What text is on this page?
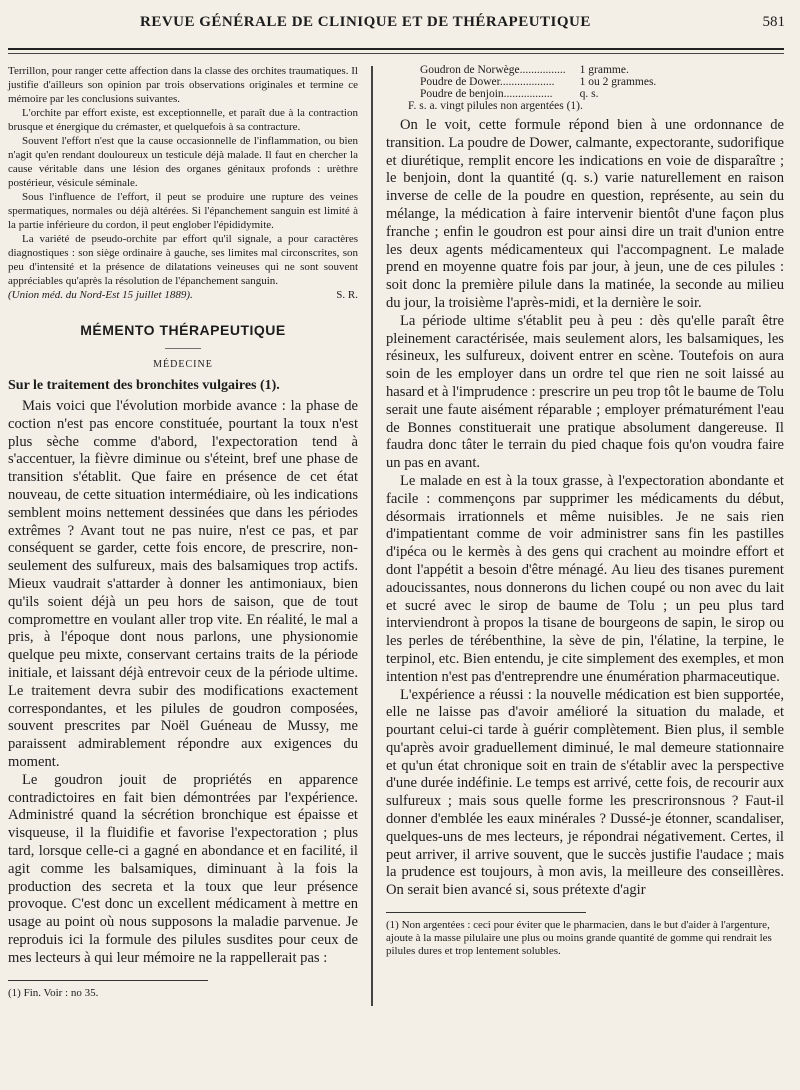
REVUE GÉNÉRALE DE CLINIQUE ET DE THÉRAPEUTIQUE	581

Terrillon, pour ranger cette affection dans la classe des orchites traumatiques. Il justifie d'ailleurs son opinion par trois observations originales et termine ce mémoire par les conclusions suivantes.

L'orchite par effort existe, est exceptionnelle, et paraît due à la contraction brusque et énergique du crémaster, et quelquefois à sa contracture.

Souvent l'effort n'est que la cause occasionnelle de l'inflammation, ou bien n'agit qu'en rendant douloureux un testicule déjà malade. Il faut en chercher la cause véritable dans une lésion des organes génitaux profonds : urèthre postérieur, vésicule séminale.

Sous l'influence de l'effort, il peut se produire une rupture des veines spermatiques, normales ou déjà altérées. Si l'épanchement sanguin est limité à la partie inférieure du cordon, il peut englober l'épididymite.

La variété de pseudo-orchite par effort qu'il signale, a pour caractères diagnostiques : son siège ordinaire à gauche, ses limites mal circonscrites, son peu d'intensité et la présence de dilatations veineuses qui ne sont souvent appréciables qu'après la résolution de l'épanchement sanguin.

(Union méd. du Nord-Est 15 juillet 1889).	S. R.

MÉMENTO THÉRAPEUTIQUE

———

MÉDECINE
Sur le traitement des bronchites vulgaires (1).

Mais voici que l'évolution morbide avance : la phase de coction n'est pas encore constituée, pourtant la toux n'est plus sèche comme d'abord, l'expectoration tend à s'accentuer, la fièvre diminue ou s'éteint, bref une phase de transition s'établit. Que faire en présence de cet état nouveau, de cette situation intermédiaire, où les indications semblent moins nettement dessinées que dans les périodes extrêmes ? Avant tout ne pas nuire, n'est ce pas, et par conséquent se garder, cette fois encore, de prescrire, non-seulement des sulfureux, mais des balsamiques trop actifs. Mieux vaudrait s'attarder à donner les antimoniaux, bien qu'ils soient déjà un peu hors de saison, que de tout compromettre en voulant aller trop vite. En réalité, le mal a pris, à l'époque dont nous parlons, une physionomie quelque peu mixte, conservant certains traits de la période initiale, et laissant déjà entrevoir ceux de la période ultime. Le traitement devra subir des modifications exactement correspondantes, et les pilules de goudron composées, souvent prescrites par Noël Guéneau de Mussy, me paraissent admirablement répondre aux exigences du moment.

Le goudron jouit de propriétés en apparence contradictoires en fait bien démontrées par l'expérience. Administré quand la sécrétion bronchique est épaisse et visqueuse, il la fluidifie et favorise l'expectoration ; plus tard, lorsque celle-ci a gagné en abondance et en facilité, il agit comme les balsamiques, diminuant à la fois la production des secreta et la toux que leur présence provoque. C'est donc un excellent médicament à mettre en usage au point où nous supposons la maladie parvenue. Je reproduis ici la formule des pilules susdites pour ceux de mes lecteurs à qui leur mémoire ne la rappellerait pas :

(1) Fin. Voir : no 35.
Goudron de Norwège................	1 gramme.
Poudre de Dower...................	1 ou 2 grammes.
Poudre de benjoin.................	q. s.
F. s. a. vingt pilules non argentées (1).

On le voit, cette formule répond bien à une ordonnance de transition. La poudre de Dower, calmante, expectorante, sudorifique et diurétique, remplit encore les indications en voie de disparaître ; le benjoin, dont la quantité (q. s.) varie naturellement en raison inverse de celle de la poudre en question, représente, au sein du mélange, la médication à faire intervenir bientôt d'une façon plus franche ; enfin le goudron est pour ainsi dire un trait d'union entre les deux agents médicamenteux qui l'accompagnent. Le malade prend en moyenne quatre fois par jour, à jeun, une de ces pilules : soit donc la première pilule dans la matinée, la seconde au milieu du jour, la troisième l'après-midi, et la dernière le soir.

La période ultime s'établit peu à peu : dès qu'elle paraît être pleinement caractérisée, mais seulement alors, les balsamiques, les résineux, les sulfureux, doivent entrer en scène. Toutefois on aura soin de les employer dans un ordre tel que rien ne soit laissé au hasard et à l'imprudence : prescrire un peu trop tôt le baume de Tolu serait une faute aisément réparable ; employer prématurément l'eau de Bonnes constituerait une pratique absolument dangereuse. Il faudra donc tâter le terrain du pied chaque fois qu'on voudra faire un pas en avant.

Le malade en est à la toux grasse, à l'expectoration abondante et facile : commençons par supprimer les médicaments du début, désormais irrationnels et même nuisibles. Je ne sais rien d'impatientant comme de voir administrer sans fin les pastilles d'ipéca ou le kermès à des gens qui crachent au moindre effort et dont l'appétit a besoin d'être ménagé. Au lieu des tisanes purement adoucissantes, nous donnerons du lichen coupé ou non avec du lait et sucré avec le sirop de baume de Tolu ; un peu plus tard interviendront à propos la tisane de bourgeons de sapin, le sirop ou les perles de térébenthine, la sève de pin, l'élatine, la terpine, le terpinol, etc. Bien entendu, je cite simplement des exemples, et mon intention n'est pas d'entreprendre une énumération pharmaceutique.

L'expérience a réussi : la nouvelle médication est bien supportée, elle ne laisse pas d'avoir amélioré la situation du malade, et pourtant celui-ci tarde à guérir complètement. Bien plus, il semble qu'après avoir graduellement diminué, le mal demeure stationnaire et qu'un état chronique soit en train de s'établir avec la perspective d'une durée indéfinie. Le temps est arrivé, cette fois, de recourir aux sulfureux ; mais sous quelle forme les prescrironsnous ? Faut-il donner d'emblée les eaux minérales ? Dussé-je étonner, scandaliser, quelques-uns de mes lecteurs, je répondrai négativement. Certes, il peut arriver, il arrive souvent, que le succès justifie l'audace ; mais la prudence est toujours, à mon avis, la meilleure des conseillères. On serait bien avancé si, sous prétexte d'agir

(1) Non argentées : ceci pour éviter que le pharmacien, dans le but d'aider à l'argenture, ajoute à la masse pilulaire une plus ou moins grande quantité de gomme qui rendrait les pilules dures et trop lentement solubles.
